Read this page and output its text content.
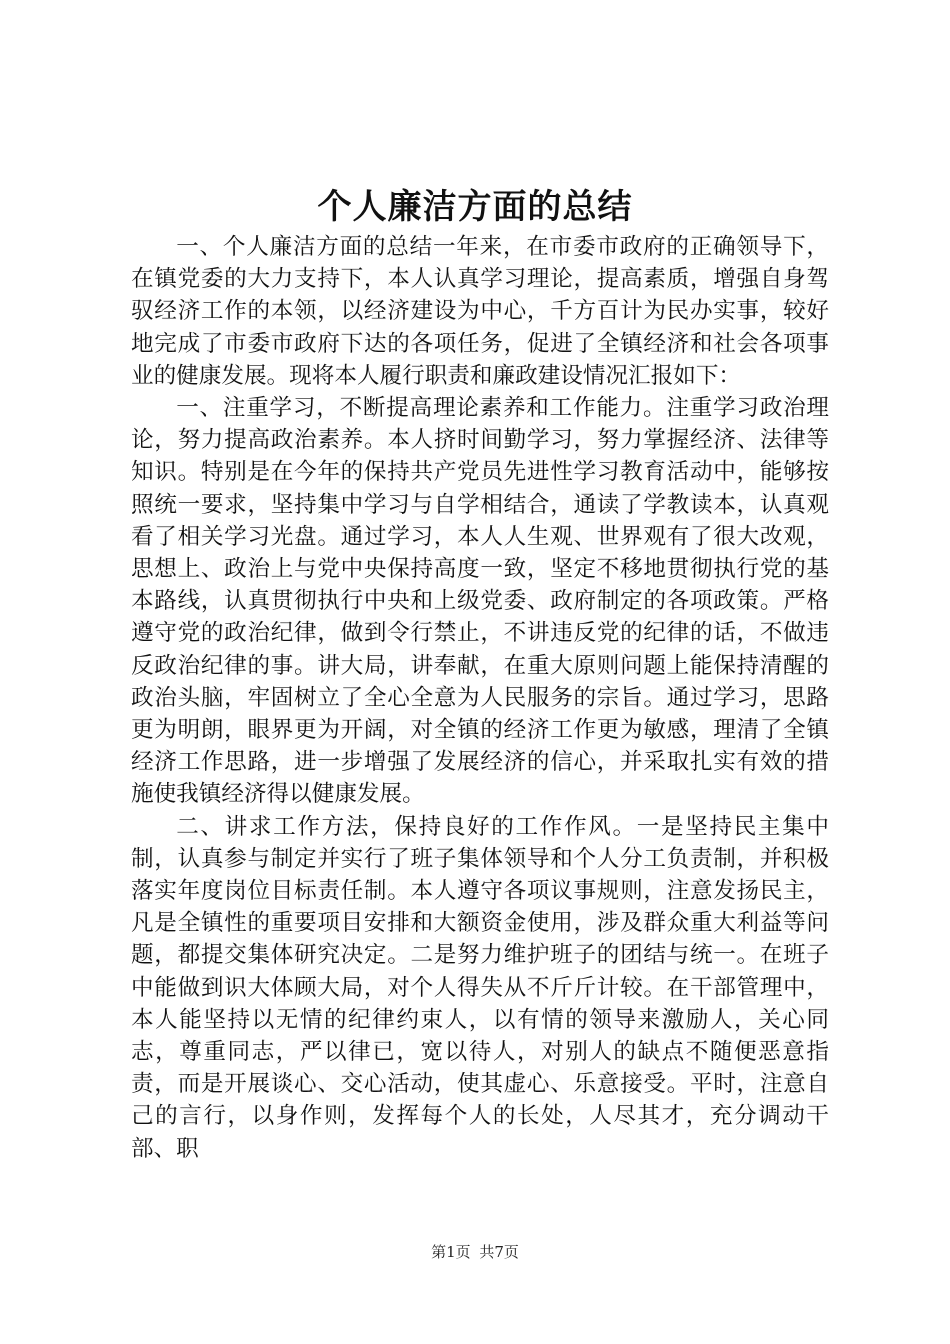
个人廉洁方面的总结

一、个人廉洁方面的总结一年来，在市委市政府的正确领导下，在镇党委的大力支持下，本人认真学习理论，提高素质，增强自身驾驭经济工作的本领，以经济建设为中心，千方百计为民办实事，较好地完成了市委市政府下达的各项任务，促进了全镇经济和社会各项事业的健康发展。现将本人履行职责和廉政建设情况汇报如下：

一、注重学习，不断提高理论素养和工作能力。注重学习政治理论，努力提高政治素养。本人挤时间勤学习，努力掌握经济、法律等知识。特别是在今年的保持共产党员先进性学习教育活动中，能够按照统一要求，坚持集中学习与自学相结合，通读了学教读本，认真观看了相关学习光盘。通过学习，本人人生观、世界观有了很大改观，思想上、政治上与党中央保持高度一致，坚定不移地贯彻执行党的基本路线，认真贯彻执行中央和上级党委、政府制定的各项政策。严格遵守党的政治纪律，做到令行禁止，不讲违反党的纪律的话，不做违反政治纪律的事。讲大局，讲奉献，在重大原则问题上能保持清醒的政治头脑，牢固树立了全心全意为人民服务的宗旨。通过学习，思路更为明朗，眼界更为开阔，对全镇的经济工作更为敏感，理清了全镇经济工作思路，进一步增强了发展经济的信心，并采取扎实有效的措施使我镇经济得以健康发展。

二、讲求工作方法，保持良好的工作作风。一是坚持民主集中制，认真参与制定并实行了班子集体领导和个人分工负责制，并积极落实年度岗位目标责任制。本人遵守各项议事规则，注意发扬民主，凡是全镇性的重要项目安排和大额资金使用，涉及群众重大利益等问题，都提交集体研究决定。二是努力维护班子的团结与统一。在班子中能做到识大体顾大局，对个人得失从不斤斤计较。在干部管理中，本人能坚持以无情的纪律约束人，以有情的领导来激励人，关心同志，尊重同志，严以律已，宽以待人，对别人的缺点不随便恶意指责，而是开展谈心、交心活动，使其虚心、乐意接受。平时，注意自己的言行，以身作则，发挥每个人的长处，人尽其才，充分调动干部、职

第1页 共7页
